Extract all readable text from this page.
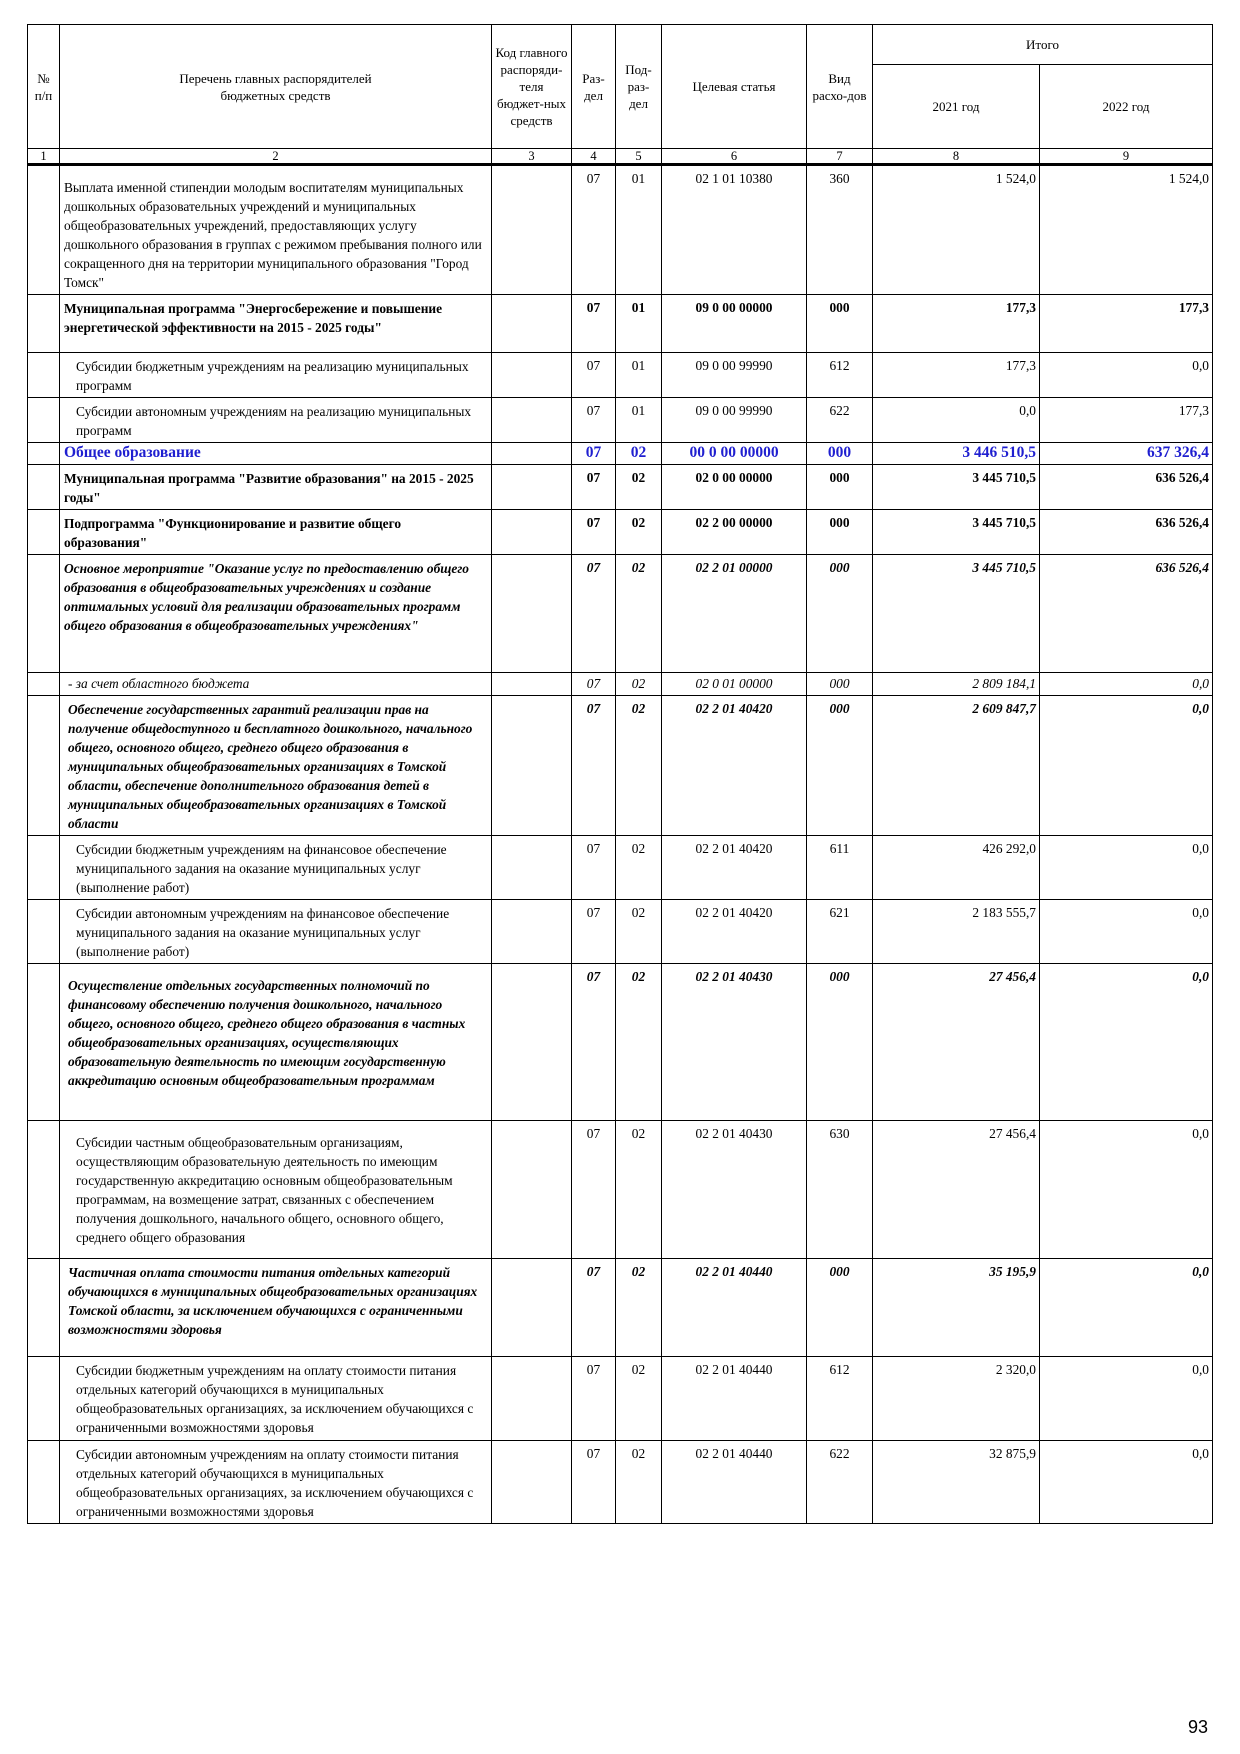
№ п/п	Перечень главных распорядителей бюджетных средств	Код главного распоряди-теля бюджет-ных средств	Раз-дел	Под-раз-дел	Целевая статья	Вид расхо-дов	Итого	
							2021 год	2022 год
1	2	3	4	5	6	7	8	9
	Выплата именной стипендии молодым воспитателям муниципальных дошкольных образовательных учреждений и муниципальных общеобразовательных учреждений, предоставляющих услугу дошкольного образования в группах с режимом пребывания полного или сокращенного дня на территории муниципального образования "Город Томск"		07	01	02 1 01 10380	360	1 524,0	1 524,0
	Муниципальная программа "Энергосбережение и повышение энергетической эффективности на 2015 - 2025 годы"		07	01	09 0 00 00000	000	177,3	177,3
	Субсидии бюджетным учреждениям на реализацию муниципальных программ		07	01	09 0 00 99990	612	177,3	0,0
	Субсидии автономным учреждениям на реализацию муниципальных программ		07	01	09 0 00 99990	622	0,0	177,3
	Общее образование		07	02	00 0 00 00000	000	3 446 510,5	637 326,4
	Муниципальная программа "Развитие образования" на 2015 - 2025 годы"		07	02	02 0 00 00000	000	3 445 710,5	636 526,4
	Подпрограмма "Функционирование и развитие общего образования"		07	02	02 2 00 00000	000	3 445 710,5	636 526,4
	Основное мероприятие "Оказание услуг по предоставлению общего образования в общеобразовательных учреждениях и создание оптимальных условий для реализации образовательных программ общего образования в общеобразовательных учреждениях"		07	02	02 2 01 00000	000	3 445 710,5	636 526,4
	- за счет областного бюджета		07	02	02 0 01 00000	000	2 809 184,1	0,0
	Обеспечение государственных гарантий реализации прав на получение общедоступного и бесплатного дошкольного, начального общего, основного общего, среднего общего образования в муниципальных общеобразовательных организациях в Томской области, обеспечение дополнительного образования детей в муниципальных общеобразовательных организациях в Томской области		07	02	02 2 01 40420	000	2 609 847,7	0,0
	Субсидии бюджетным учреждениям на финансовое обеспечение муниципального задания на оказание муниципальных услуг (выполнение работ)		07	02	02 2 01 40420	611	426 292,0	0,0
	Субсидии автономным учреждениям на финансовое обеспечение муниципального задания на оказание муниципальных услуг (выполнение работ)		07	02	02 2 01 40420	621	2 183 555,7	0,0
	Осуществление отдельных государственных полномочий по финансовому обеспечению получения дошкольного, начального общего, основного общего, среднего общего образования в частных общеобразовательных организациях, осуществляющих образовательную деятельность по имеющим государственную аккредитацию основным общеобразовательным программам		07	02	02 2 01 40430	000	27 456,4	0,0
	Субсидии частным общеобразовательным организациям, осуществляющим образовательную деятельность по имеющим государственную аккредитацию основным общеобразовательным программам, на возмещение затрат, связанных с обеспечением получения дошкольного, начального общего, основного общего, среднего общего образования		07	02	02 2 01 40430	630	27 456,4	0,0
	Частичная оплата стоимости питания отдельных категорий обучающихся в муниципальных общеобразовательных организациях Томской области, за исключением обучающихся с ограниченными возможностями здоровья		07	02	02 2 01 40440	000	35 195,9	0,0
	Субсидии бюджетным учреждениям на оплату стоимости питания отдельных категорий обучающихся в муниципальных общеобразовательных организациях, за исключением обучающихся с ограниченными возможностями здоровья		07	02	02 2 01 40440	612	2 320,0	0,0
	Субсидии автономным учреждениям на оплату стоимости питания отдельных категорий обучающихся в муниципальных общеобразовательных организациях, за исключением обучающихся с ограниченными возможностями здоровья		07	02	02 2 01 40440	622	32 875,9	0,0
93
